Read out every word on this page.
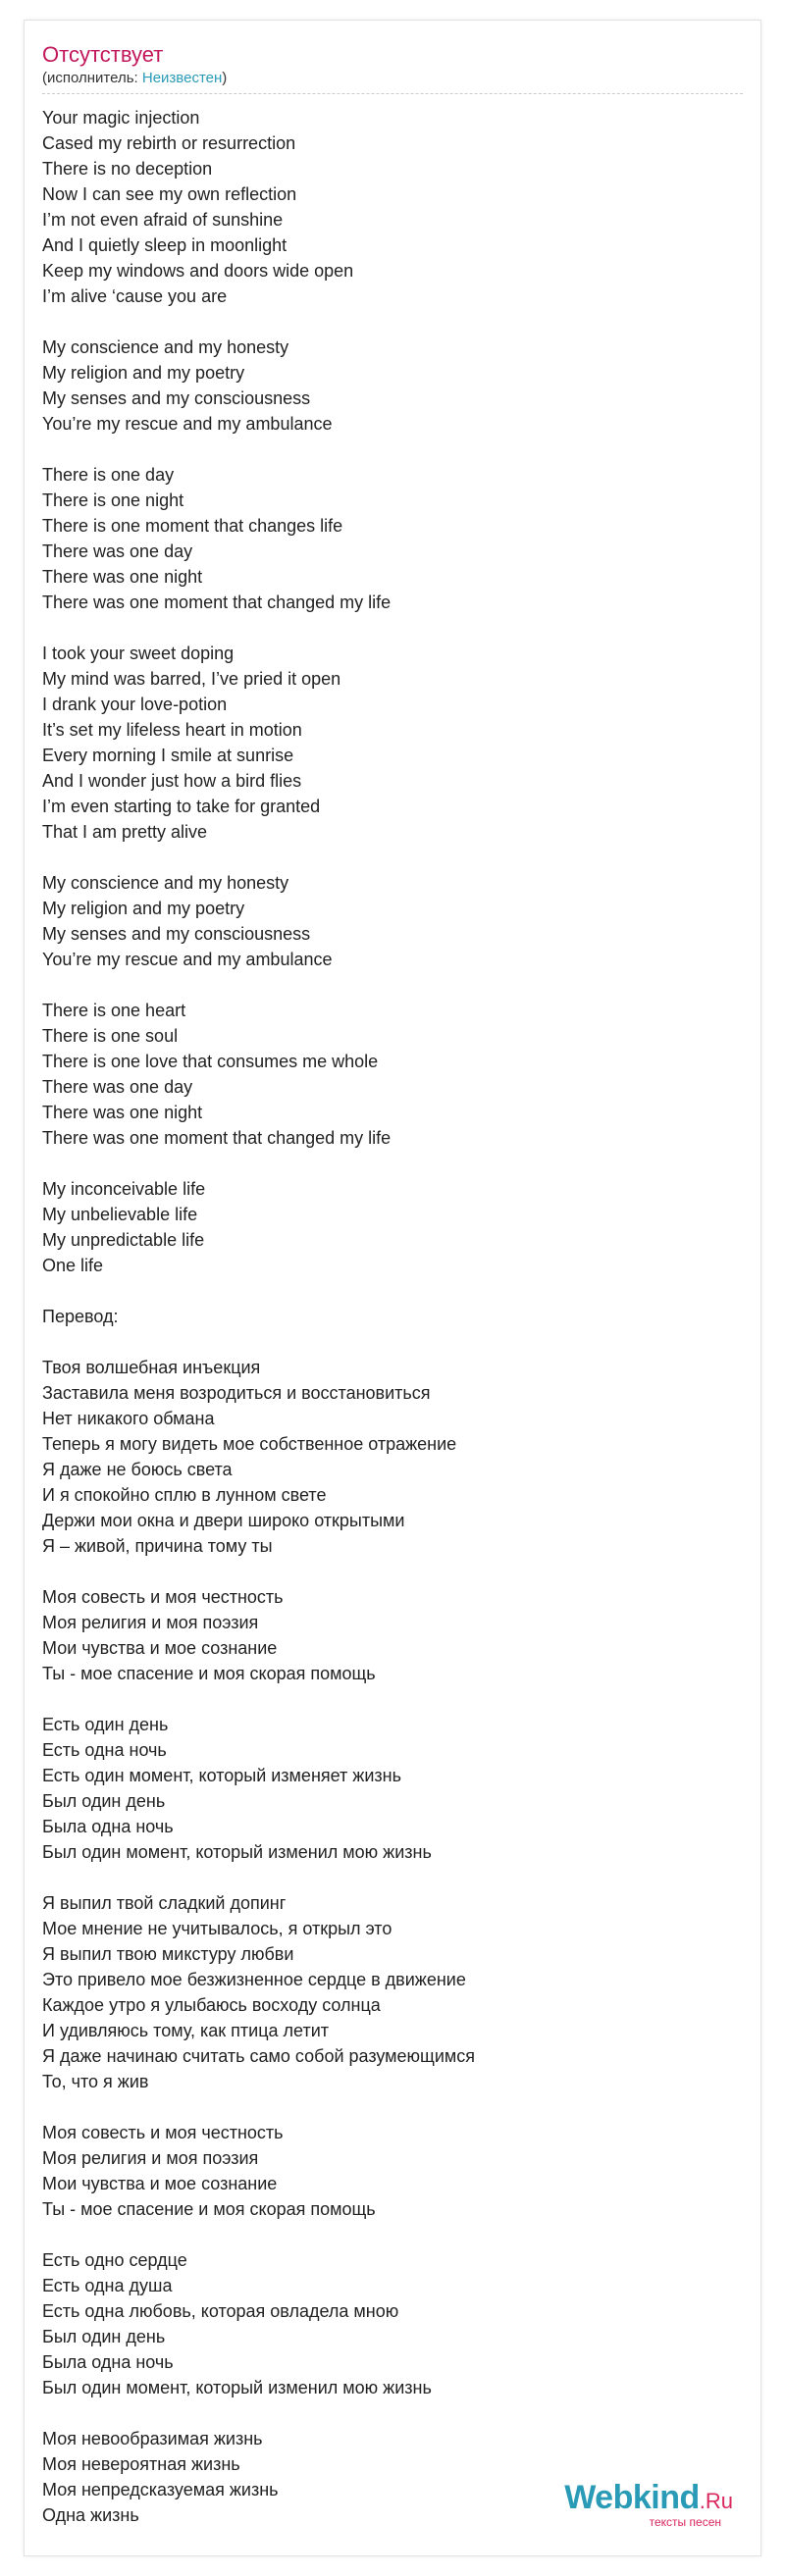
Отсутствует
(исполнитель: Неизвестен)
Your magic injection
Cased my rebirth or resurrection
There is no deception
Now I can see my own reflection
I’m not even afraid of sunshine
And I quietly sleep in moonlight
Keep my windows and doors wide open
I’m alive ‘cause you are
My conscience and my honesty
My religion and my poetry
My senses and my consciousness
You’re my rescue and my ambulance
There is one day
There is one night
There is one moment that changes life
There was one day
There was one night
There was one moment that changed my life
I took your sweet doping
My mind was barred, I’ve pried it open
I drank your love-potion
It’s set my lifeless heart in motion
Every morning I smile at sunrise
And I wonder just how a bird flies
I’m even starting to take for granted
That I am pretty alive
My conscience and my honesty
My religion and my poetry
My senses and my consciousness
You’re my rescue and my ambulance
There is one heart
There is one soul
There is one love that consumes me whole
There was one day
There was one night
There was one moment that changed my life
My inconceivable life
My unbelievable life
My unpredictable life
One life
Перевод:
Твоя волшебная инъекция
Заставила меня возродиться и восстановиться
Нет никакого обмана
Теперь я могу видеть мое собственное отражение
Я даже не боюсь света
И я спокойно сплю в лунном свете
Держи мои окна и двери широко открытыми
Я – живой, причина тому ты
Моя совесть и моя честность
Моя религия и моя поэзия
Мои чувства и мое сознание
Ты - мое спасение и моя скорая помощь
Есть один день
Есть одна ночь
Есть один момент, который изменяет жизнь
Был один день
Была одна ночь
Был один момент, который изменил мою жизнь
Я выпил твой сладкий допинг
Мое мнение не учитывалось, я открыл это
Я выпил твою микстуру любви
Это привело мое безжизненное сердце в движение
Каждое утро я улыбаюсь восходу солнца
И удивляюсь тому, как птица летит
Я даже начинаю считать само собой разумеющимся
То, что я жив
Моя совесть и моя честность
Моя религия и моя поэзия
Мои чувства и мое сознание
Ты - мое спасение и моя скорая помощь
Есть одно сердце
Есть одна душа
Есть одна любовь, которая овладела мною
Был один день
Была одна ночь
Был один момент, который изменил мою жизнь
Моя невообразимая жизнь
Моя невероятная жизнь
Моя непредсказуемая жизнь
Одна жизнь	Webkind.Ru
тексты песен
